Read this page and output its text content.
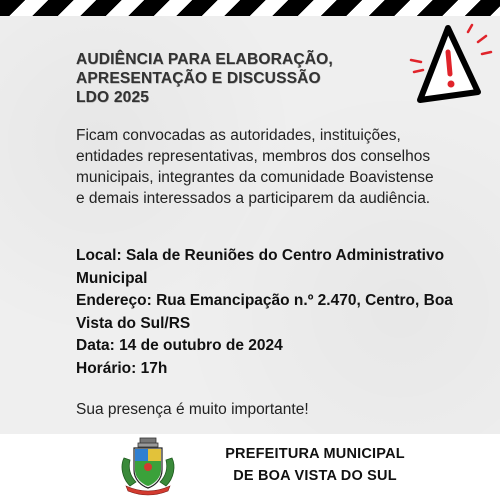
AUDIÊNCIA PARA ELABORAÇÃO,
APRESENTAÇÃO E DISCUSSÃO
LDO 2025
Ficam convocadas as autoridades, instituições,
entidades representativas, membros dos conselhos
municipais, integrantes da comunidade Boavistense
e demais interessados a participarem da audiência.
Local: Sala de Reuniões do Centro Administrativo
Municipal
Endereço: Rua Emancipação n.º 2.470, Centro, Boa
Vista do Sul/RS
Data: 14 de outubro de 2024
Horário: 17h
Sua presença é muito importante!
PREFEITURA MUNICIPAL
DE BOA VISTA DO SUL
